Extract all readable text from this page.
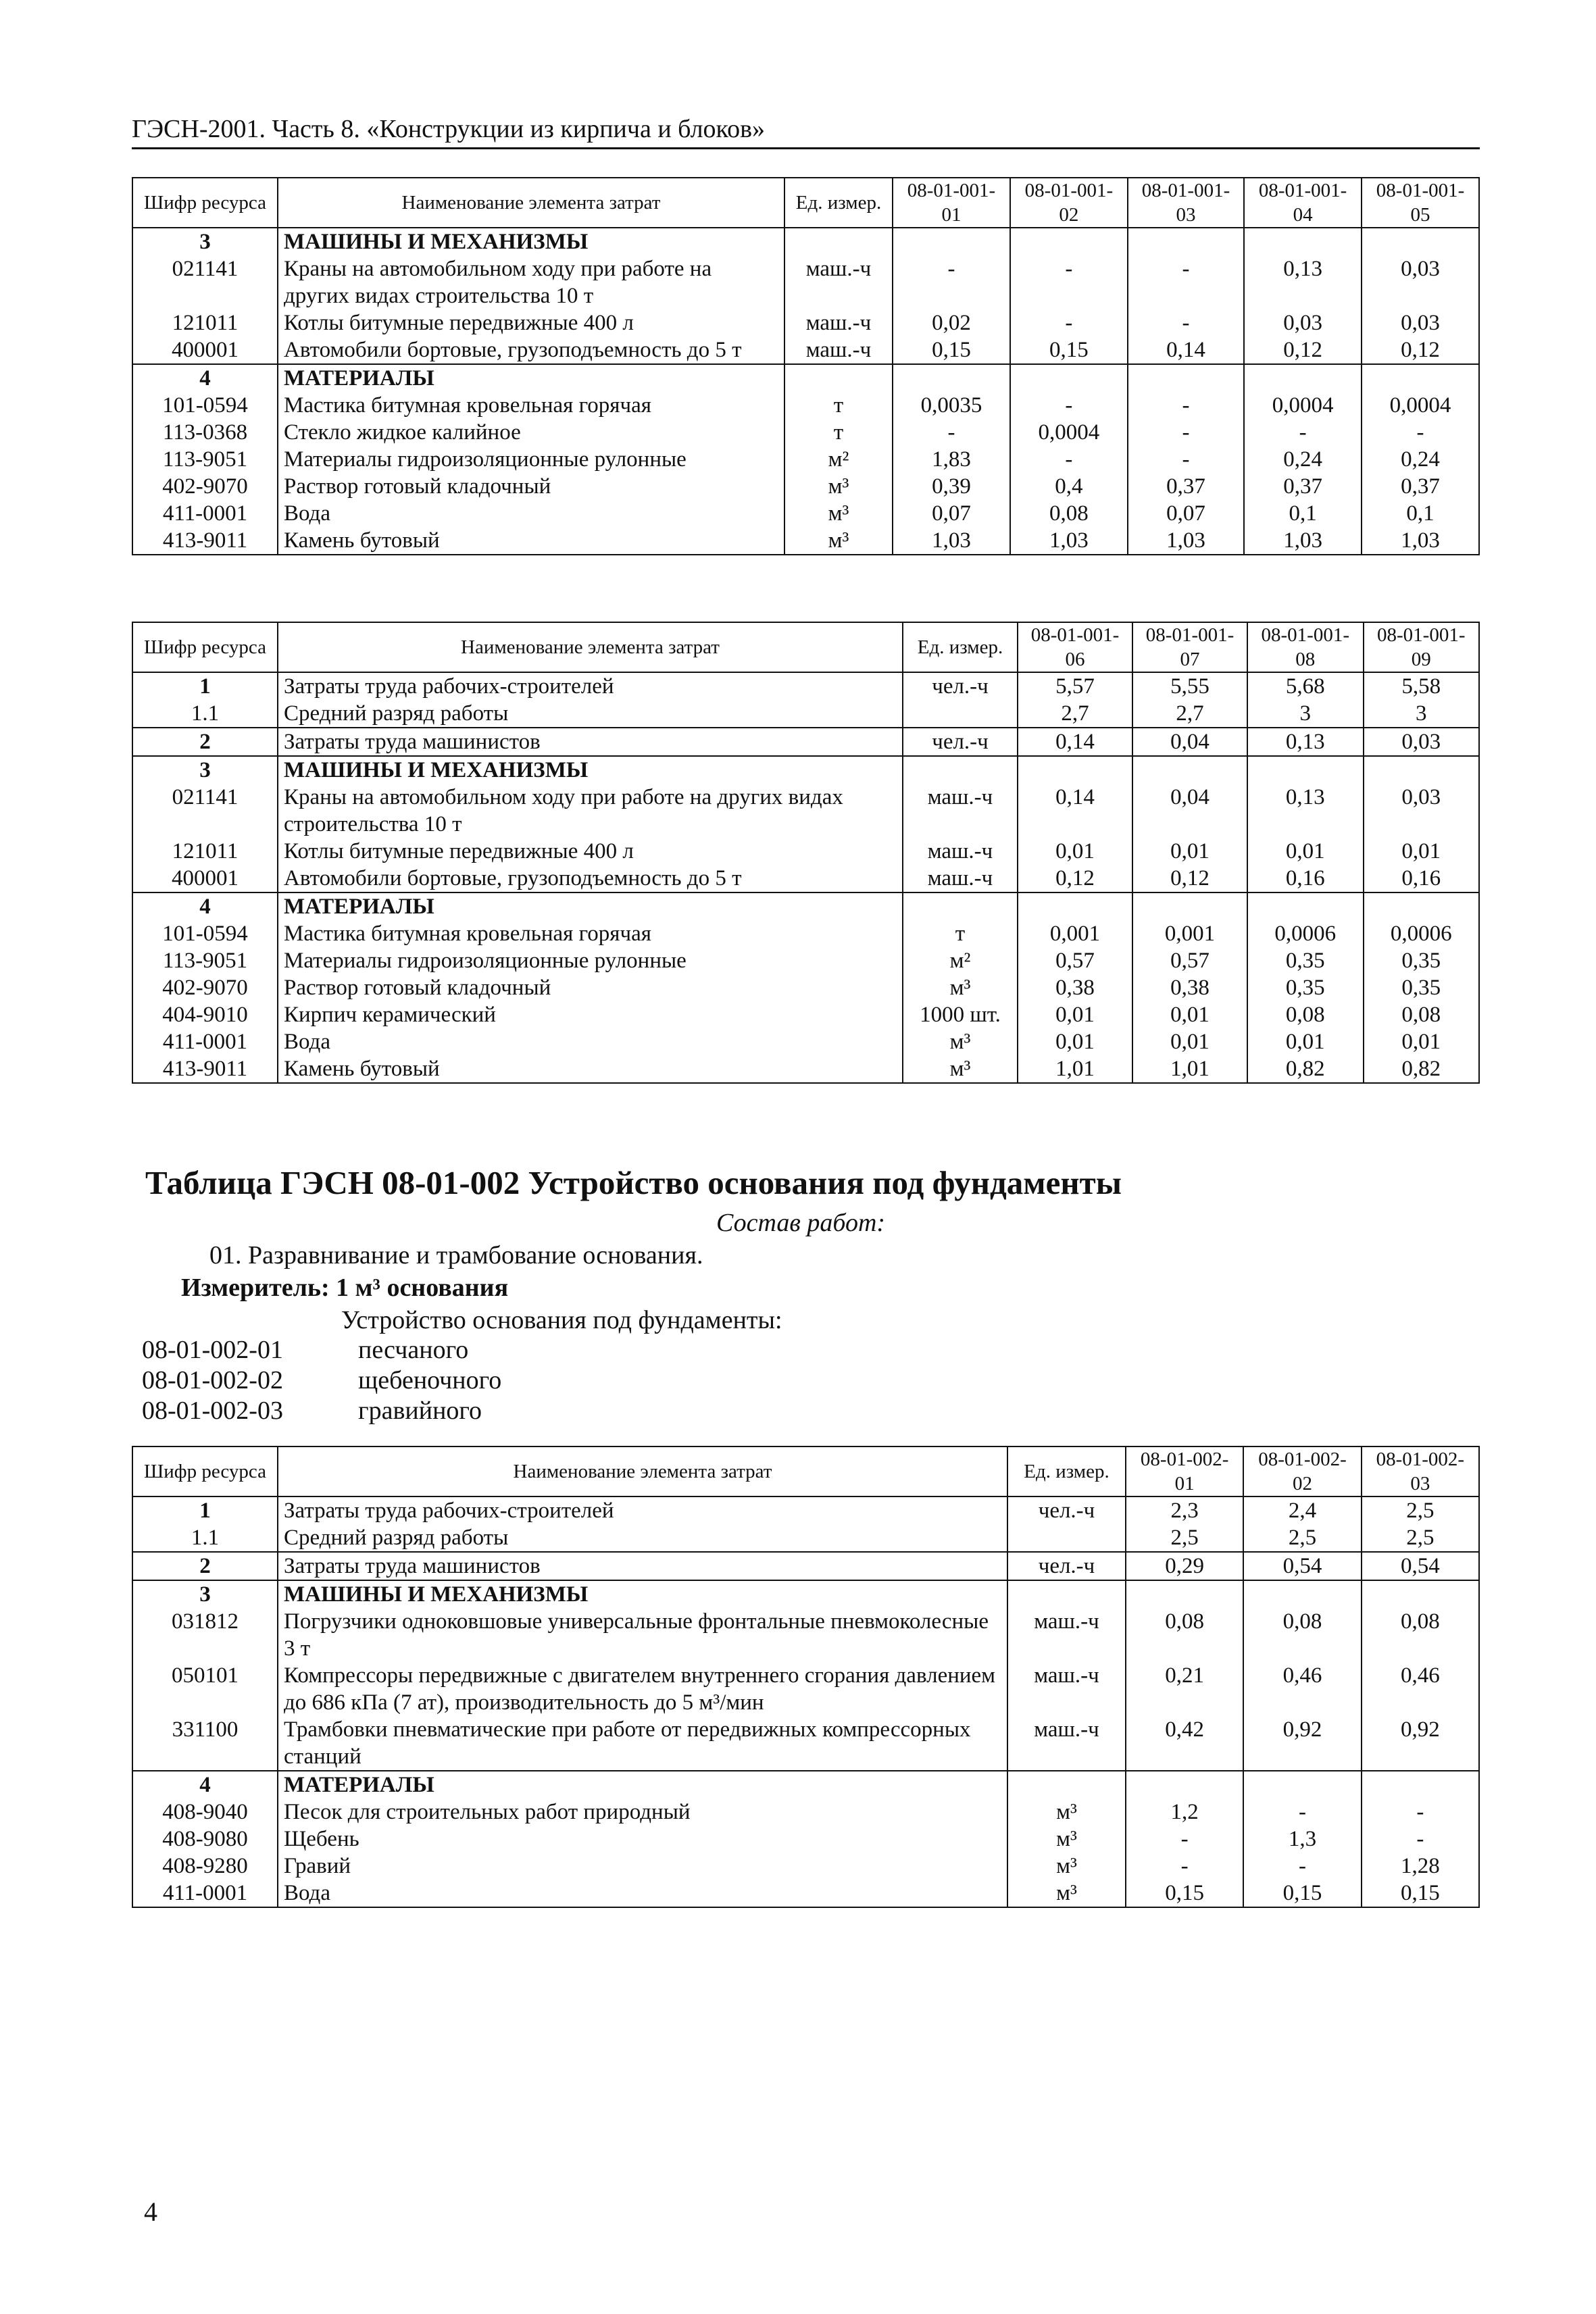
ГЭСН-2001. Часть 8. «Конструкции из кирпича и блоков»
Шифр ресурса	Наименование элемента затрат	Ед. измер.	08-01-001-01	08-01-001-02	08-01-001-03	08-01-001-04	08-01-001-05
3	МАШИНЫ И МЕХАНИЗМЫ						
021141	Краны на автомобильном ходу при работе на других видах строительства 10 т	маш.-ч	-	-	-	0,13	0,03
121011	Котлы битумные передвижные 400 л	маш.-ч	0,02	-	-	0,03	0,03
400001	Автомобили бортовые, грузоподъемность до 5 т	маш.-ч	0,15	0,15	0,14	0,12	0,12
4	МАТЕРИАЛЫ						
101-0594	Мастика битумная кровельная горячая	т	0,0035	-	-	0,0004	0,0004
113-0368	Стекло жидкое калийное	т	-	0,0004	-	-	-
113-9051	Материалы гидроизоляционные рулонные	м²	1,83	-	-	0,24	0,24
402-9070	Раствор готовый кладочный	м³	0,39	0,4	0,37	0,37	0,37
411-0001	Вода	м³	0,07	0,08	0,07	0,1	0,1
413-9011	Камень бутовый	м³	1,03	1,03	1,03	1,03	1,03
Шифр ресурса	Наименование элемента затрат	Ед. измер.	08-01-001-06	08-01-001-07	08-01-001-08	08-01-001-09
1	Затраты труда рабочих-строителей	чел.-ч	5,57	5,55	5,68	5,58
1.1	Средний разряд работы		2,7	2,7	3	3
2	Затраты труда машинистов	чел.-ч	0,14	0,04	0,13	0,03
3	МАШИНЫ И МЕХАНИЗМЫ					
021141	Краны на автомобильном ходу при работе на других видах строительства 10 т	маш.-ч	0,14	0,04	0,13	0,03
121011	Котлы битумные передвижные 400 л	маш.-ч	0,01	0,01	0,01	0,01
400001	Автомобили бортовые, грузоподъемность до 5 т	маш.-ч	0,12	0,12	0,16	0,16
4	МАТЕРИАЛЫ					
101-0594	Мастика битумная кровельная горячая	т	0,001	0,001	0,0006	0,0006
113-9051	Материалы гидроизоляционные рулонные	м²	0,57	0,57	0,35	0,35
402-9070	Раствор готовый кладочный	м³	0,38	0,38	0,35	0,35
404-9010	Кирпич керамический	1000 шт.	0,01	0,01	0,08	0,08
411-0001	Вода	м³	0,01	0,01	0,01	0,01
413-9011	Камень бутовый	м³	1,01	1,01	0,82	0,82
Таблица ГЭСН 08-01-002 Устройство основания под фундаменты
Состав работ:
01. Разравнивание и трамбование основания.
Измеритель: 1 м³ основания
Устройство основания под фундаменты:
08-01-002-01	песчаного
08-01-002-02	щебеночного
08-01-002-03	гравийного
Шифр ресурса	Наименование элемента затрат	Ед. измер.	08-01-002-01	08-01-002-02	08-01-002-03
1	Затраты труда рабочих-строителей	чел.-ч	2,3	2,4	2,5
1.1	Средний разряд работы		2,5	2,5	2,5
2	Затраты труда машинистов	чел.-ч	0,29	0,54	0,54
3	МАШИНЫ И МЕХАНИЗМЫ				
031812	Погрузчики одноковшовые универсальные фронтальные пневмоколесные 3 т	маш.-ч	0,08	0,08	0,08
050101	Компрессоры передвижные с двигателем внутреннего сгорания давлением до 686 кПа (7 ат), производительность до 5 м³/мин	маш.-ч	0,21	0,46	0,46
331100	Трамбовки пневматические при работе от передвижных компрессорных станций	маш.-ч	0,42	0,92	0,92
4	МАТЕРИАЛЫ				
408-9040	Песок для строительных работ природный	м³	1,2	-	-
408-9080	Щебень	м³	-	1,3	-
408-9280	Гравий	м³	-	-	1,28
411-0001	Вода	м³	0,15	0,15	0,15
4
